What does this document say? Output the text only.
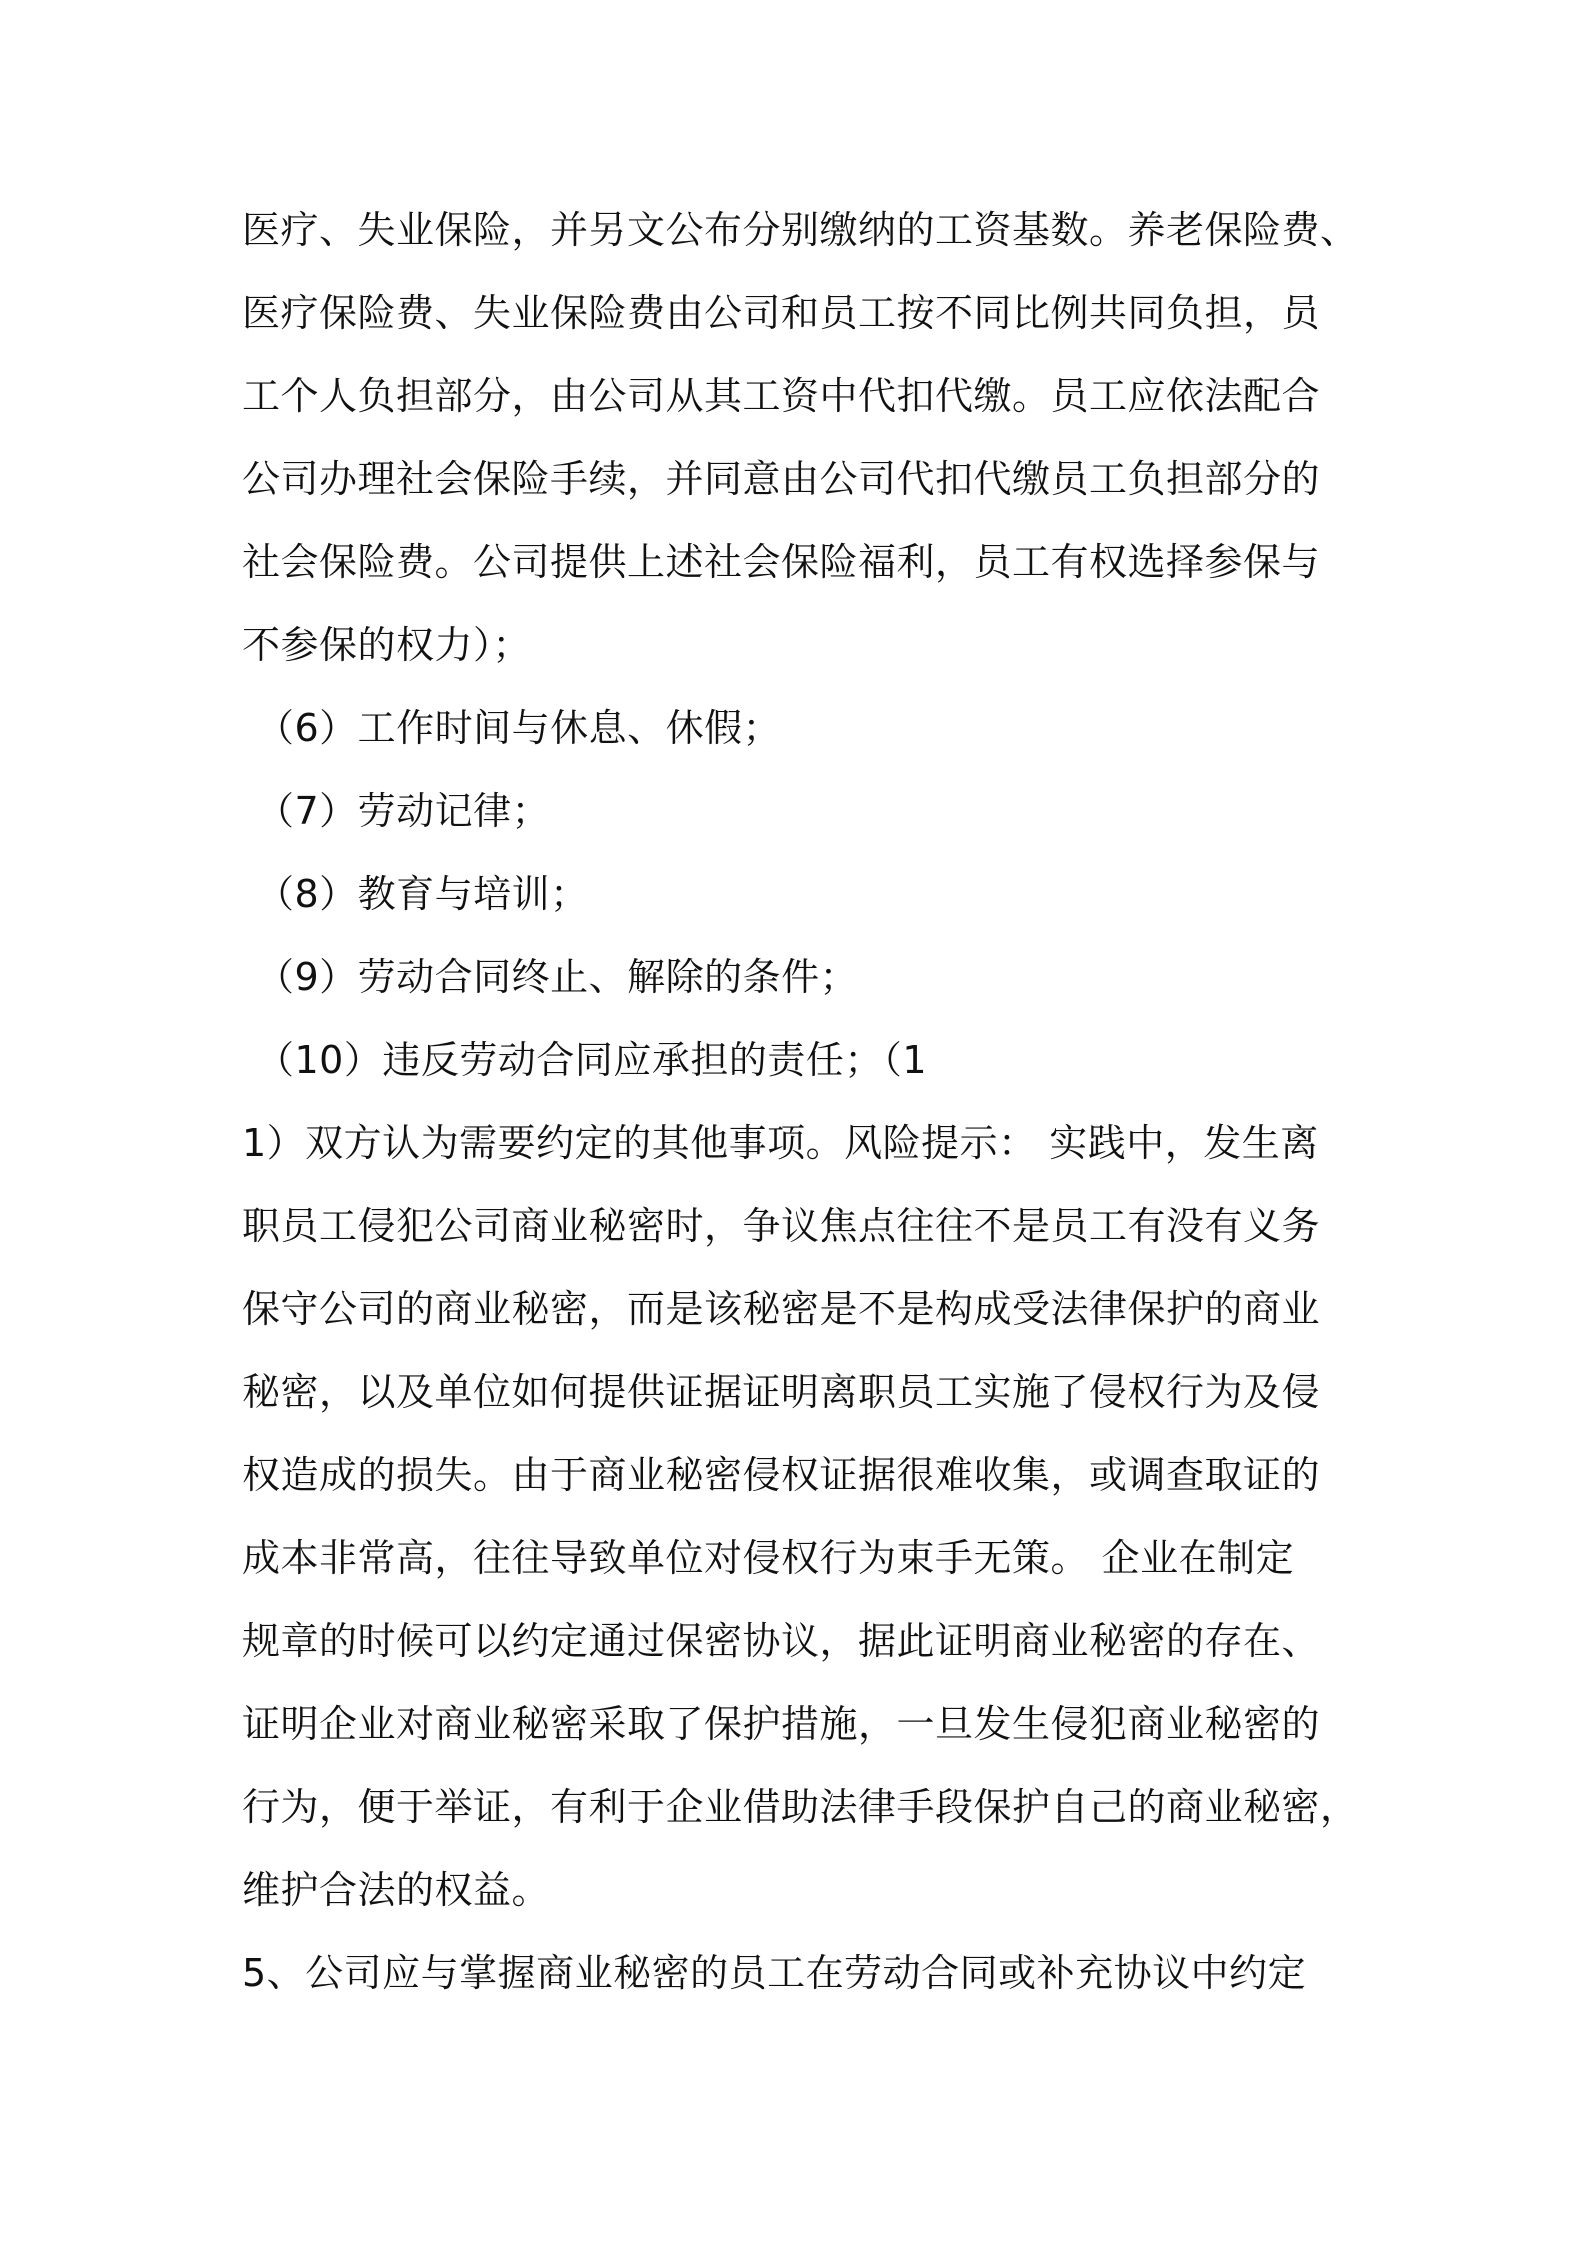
医疗、失业保险，并另文公布分别缴纳的工资基数。养老保险费、
医疗保险费、失业保险费由公司和员工按不同比例共同负担，员
工个人负担部分，由公司从其工资中代扣代缴。员工应依法配合
公司办理社会保险手续，并同意由公司代扣代缴员工负担部分的
社会保险费。公司提供上述社会保险福利，员工有权选择参保与
不参保的权力）；
（6）工作时间与休息、休假；
（7）劳动记律；
（8）教育与培训；
（9）劳动合同终止、解除的条件；
（10）违反劳动合同应承担的责任；（1
1）双方认为需要约定的其他事项。风险提示： 实践中，发生离
职员工侵犯公司商业秘密时，争议焦点往往不是员工有没有义务
保守公司的商业秘密，而是该秘密是不是构成受法律保护的商业
秘密，以及单位如何提供证据证明离职员工实施了侵权行为及侵
权造成的损失。由于商业秘密侵权证据很难收集，或调查取证的
成本非常高，往往导致单位对侵权行为束手无策。 企业在制定
规章的时候可以约定通过保密协议，据此证明商业秘密的存在、
证明企业对商业秘密采取了保护措施，一旦发生侵犯商业秘密的
行为，便于举证，有利于企业借助法律手段保护自己的商业秘密，
维护合法的权益。
5、公司应与掌握商业秘密的员工在劳动合同或补充协议中约定
